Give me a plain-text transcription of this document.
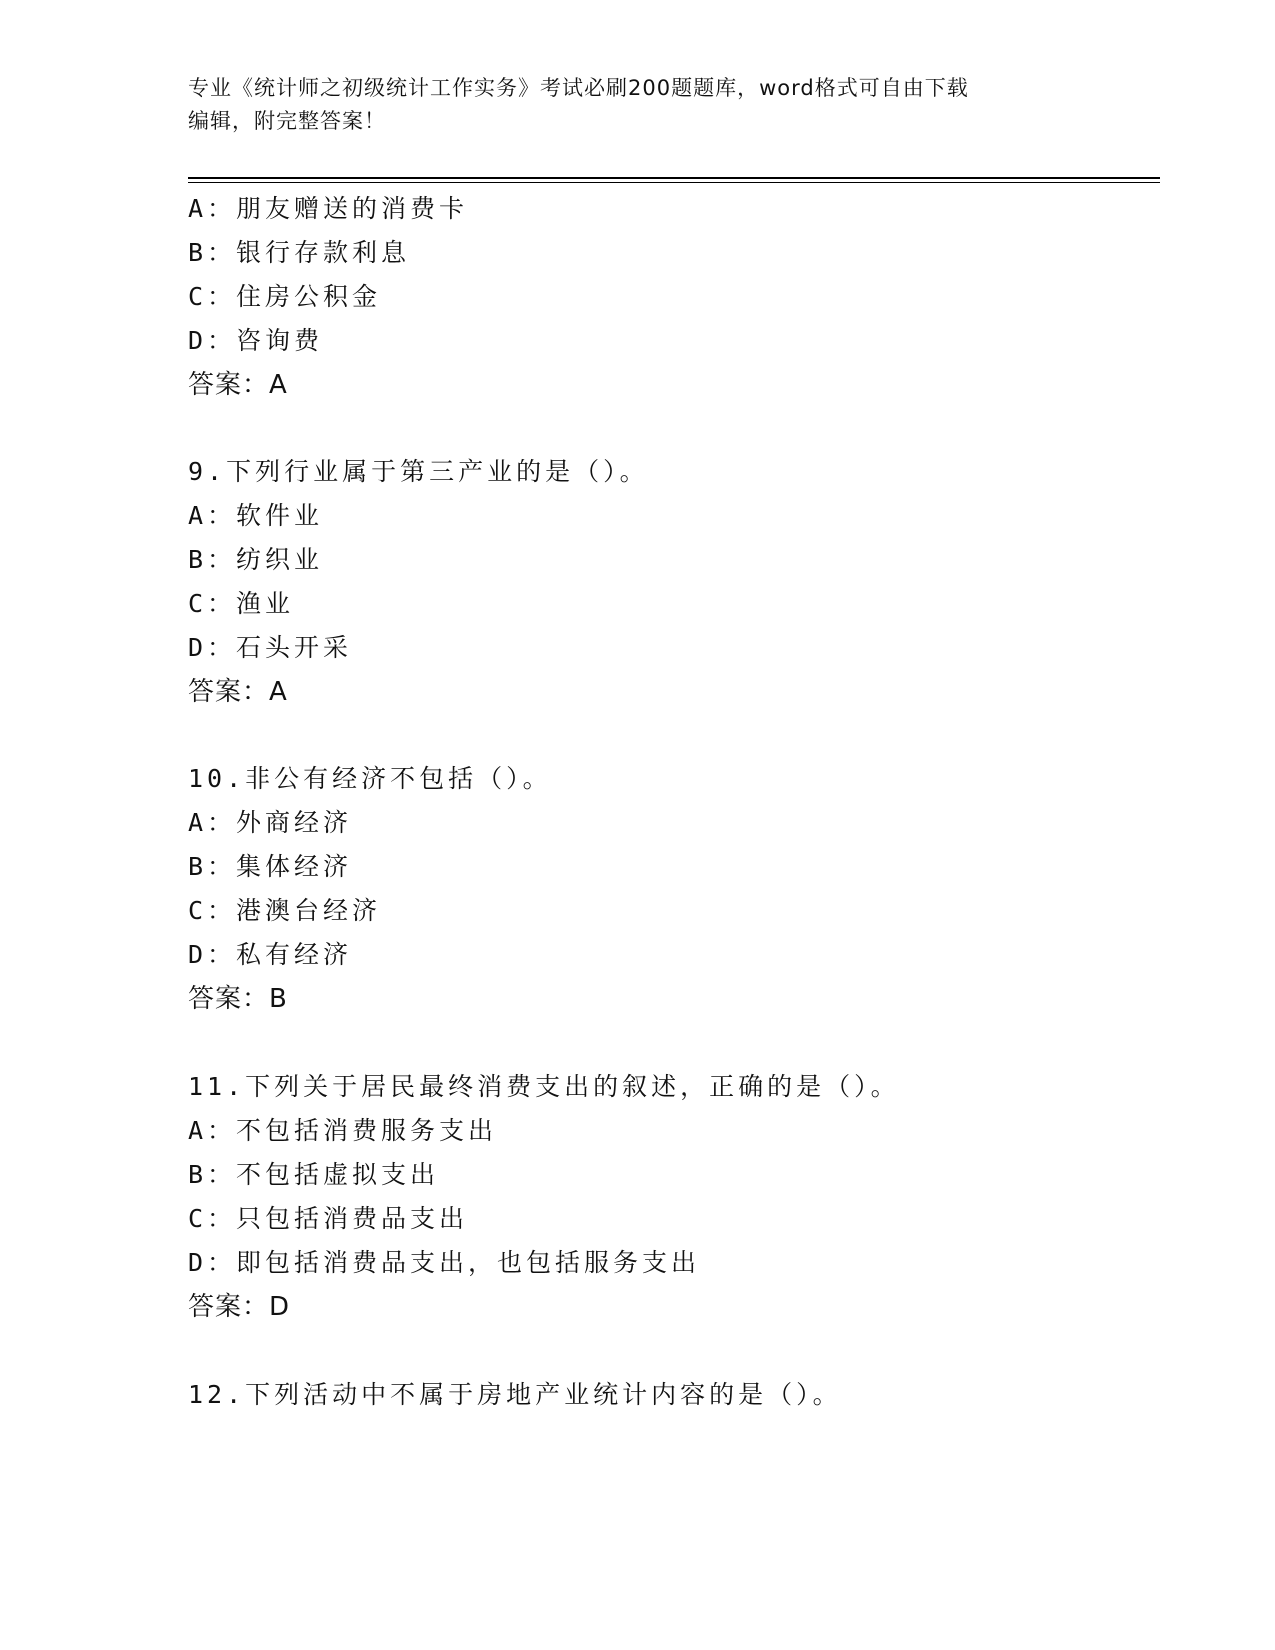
专业《统计师之初级统计工作实务》考试必刷200题题库，word格式可自由下载
编辑，附完整答案！
A：朋友赠送的消费卡
B：银行存款利息
C：住房公积金
D：咨询费
答案：A
9.下列行业属于第三产业的是（）。
A：软件业
B：纺织业
C：渔业
D：石头开采
答案：A
10.非公有经济不包括（）。
A：外商经济
B：集体经济
C：港澳台经济
D：私有经济
答案：B
11.下列关于居民最终消费支出的叙述，正确的是（）。
A：不包括消费服务支出
B：不包括虚拟支出
C：只包括消费品支出
D：即包括消费品支出，也包括服务支出
答案：D
12.下列活动中不属于房地产业统计内容的是（）。
